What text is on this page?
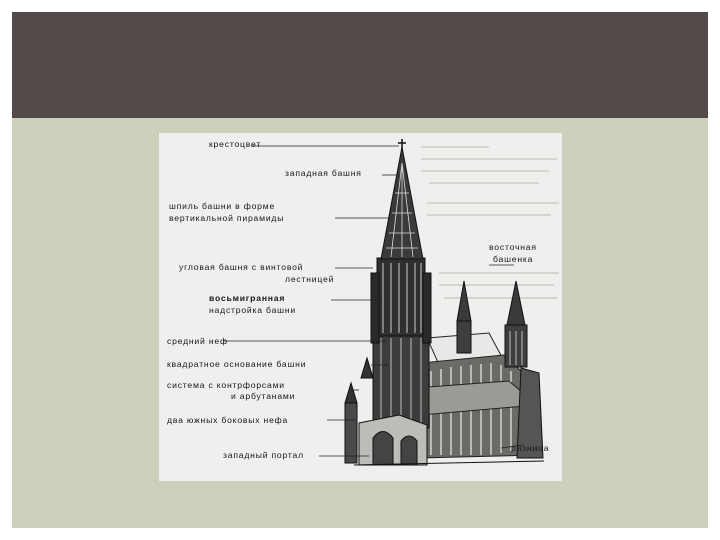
крестоцвет
западная башня
шпиль башни в форме
вертикальной пирамиды
угловая башня с винтовой
лестницей
восьмигранная
надстройка башни
средний неф
квадратное основание башни
система с контрфорсами
и арбутанами
два южных боковых нефа
западный портал
восточная
башенка
ризница
